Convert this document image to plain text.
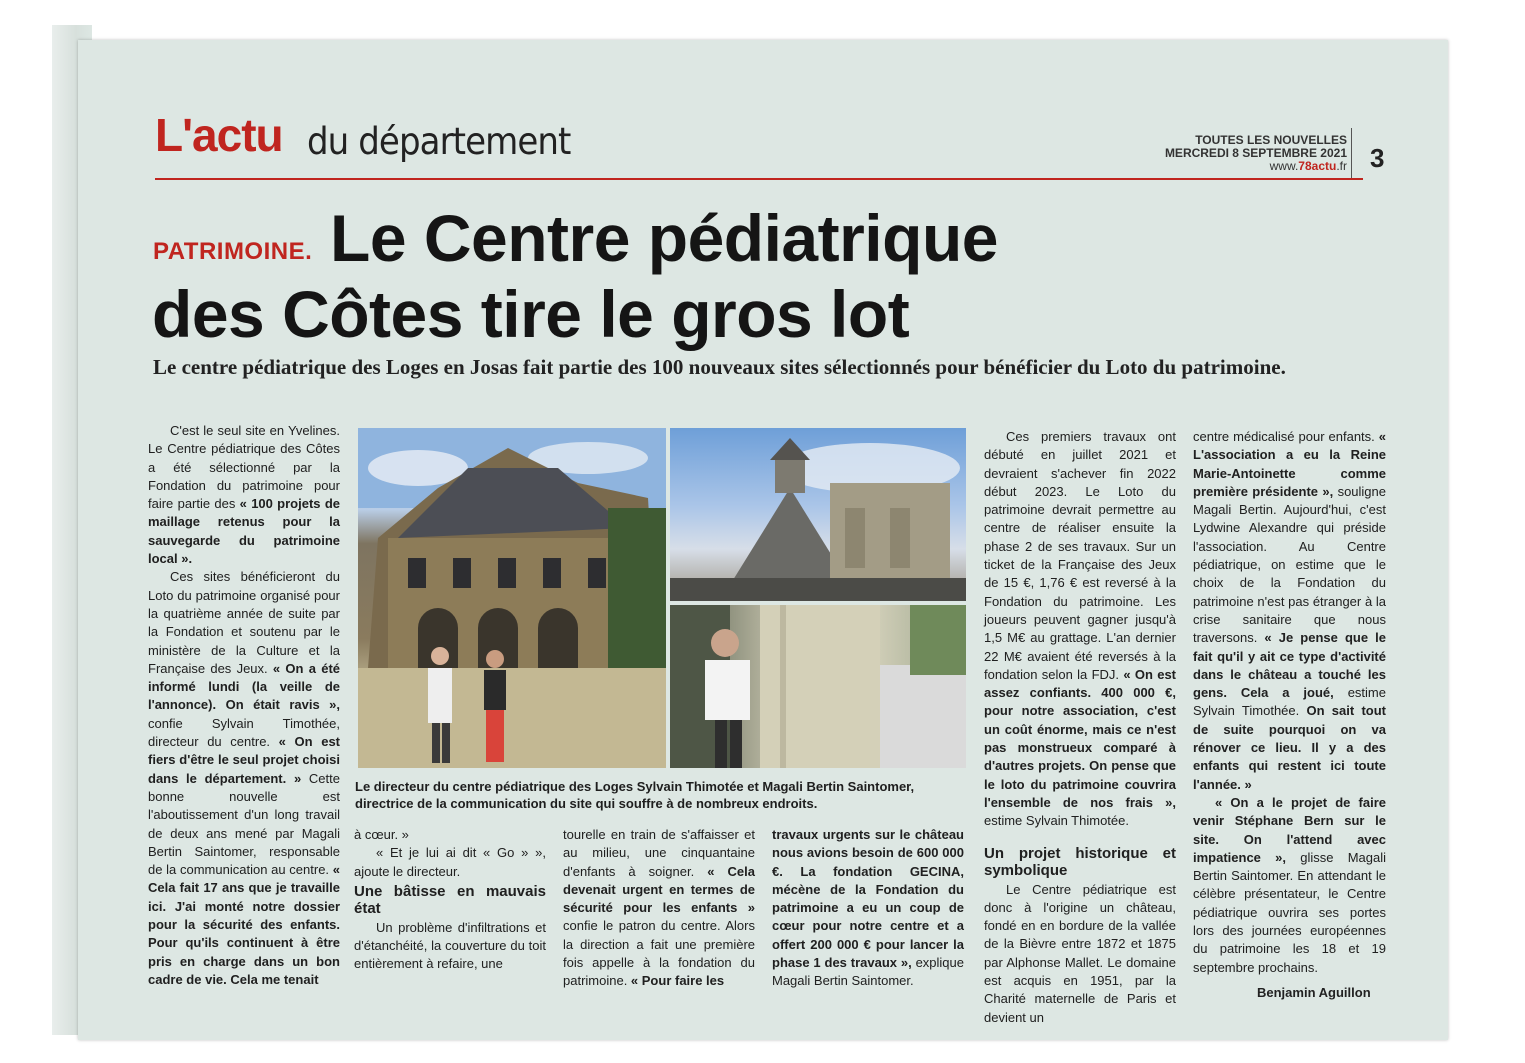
L'actu du département	TOUTES LES NOUVELLES
MERCREDI 8 SEPTEMBRE 2021
www.78actu.fr 3
Le Centre pédiatrique
des Côtes tire le gros lot
PATRIMOINE.
Le centre pédiatrique des Loges en Josas fait partie des 100 nouveaux sites sélectionnés pour bénéficier du Loto du patrimoine.

C'est le seul site en Yvelines. Le Centre pédiatrique des Côtes a été sélectionné par la Fondation du patrimoine pour faire partie des « 100 projets de maillage retenus pour la sauvegarde du patrimoine local ».

Ces sites bénéficieront du Loto du patrimoine organisé pour la quatrième année de suite par la Fondation et soutenu par le ministère de la Culture et la Française des Jeux. « On a été informé lundi (la veille de l'annonce). On était ravis », confie Sylvain Timothée, directeur du centre. « On est fiers d'être le seul projet choisi dans le département. » Cette bonne nouvelle est l'aboutissement d'un long travail de deux ans mené par Magali Bertin Saintomer, responsable de la communication au centre. « Cela fait 17 ans que je travaille ici. J'ai monté notre dossier pour la sécurité des enfants. Pour qu'ils continuent à être pris en charge dans un bon cadre de vie. Cela me tenait

Le directeur du centre pédiatrique des Loges Sylvain Thimotée et Magali Bertin Saintomer, directrice de la communication du site qui souffre à de nombreux endroits.

à cœur. »

« Et je lui ai dit « Go » », ajoute le directeur.

Une bâtisse en mauvais état

Un problème d'infiltrations et d'étanchéité, la couverture du toit entièrement à refaire, une

tourelle en train de s'affaisser et au milieu, une cinquantaine d'enfants à soigner. « Cela devenait urgent en termes de sécurité pour les enfants » confie le patron du centre. Alors la direction a fait une première fois appelle à la fondation du patrimoine. « Pour faire les

travaux urgents sur le château nous avions besoin de 600 000 €. La fondation GECINA, mécène de la Fondation du patrimoine a eu un coup de cœur pour notre centre et a offert 200 000 € pour lancer la phase 1 des travaux », explique Magali Bertin Saintomer.

Ces premiers travaux ont débuté en juillet 2021 et devraient s'achever fin 2022 début 2023. Le Loto du patrimoine devrait permettre au centre de réaliser ensuite la phase 2 de ses travaux. Sur un ticket de la Française des Jeux de 15 €, 1,76 € est reversé à la Fondation du patrimoine. Les joueurs peuvent gagner jusqu'à 1,5 M€ au grattage. L'an dernier 22 M€ avaient été reversés à la fondation selon la FDJ. « On est assez confiants. 400 000 €, pour notre association, c'est un coût énorme, mais ce n'est pas monstrueux comparé à d'autres projets. On pense que le loto du patrimoine couvrira l'ensemble de nos frais », estime Sylvain Thimotée.

Un projet historique et symbolique

Le Centre pédiatrique est donc à l'origine un château, fondé en en bordure de la vallée de la Bièvre entre 1872 et 1875 par Alphonse Mallet. Le domaine est acquis en 1951, par la Charité maternelle de Paris et devient un

centre médicalisé pour enfants. « L'association a eu la Reine Marie-Antoinette comme première présidente », souligne Magali Bertin. Aujourd'hui, c'est Lydwine Alexandre qui préside l'association. Au Centre pédiatrique, on estime que le choix de la Fondation du patrimoine n'est pas étranger à la crise sanitaire que nous traversons. « Je pense que le fait qu'il y ait ce type d'activité dans le château a touché les gens. Cela a joué, estime Sylvain Timothée. On sait tout de suite pourquoi on va rénover ce lieu. Il y a des enfants qui restent ici toute l'année. »

« On a le projet de faire venir Stéphane Bern sur le site. On l'attend avec impatience », glisse Magali Bertin Saintomer. En attendant le célèbre présentateur, le Centre pédiatrique ouvrira ses portes lors des journées européennes du patrimoine les 18 et 19 septembre prochains.

Benjamin Aguillon
